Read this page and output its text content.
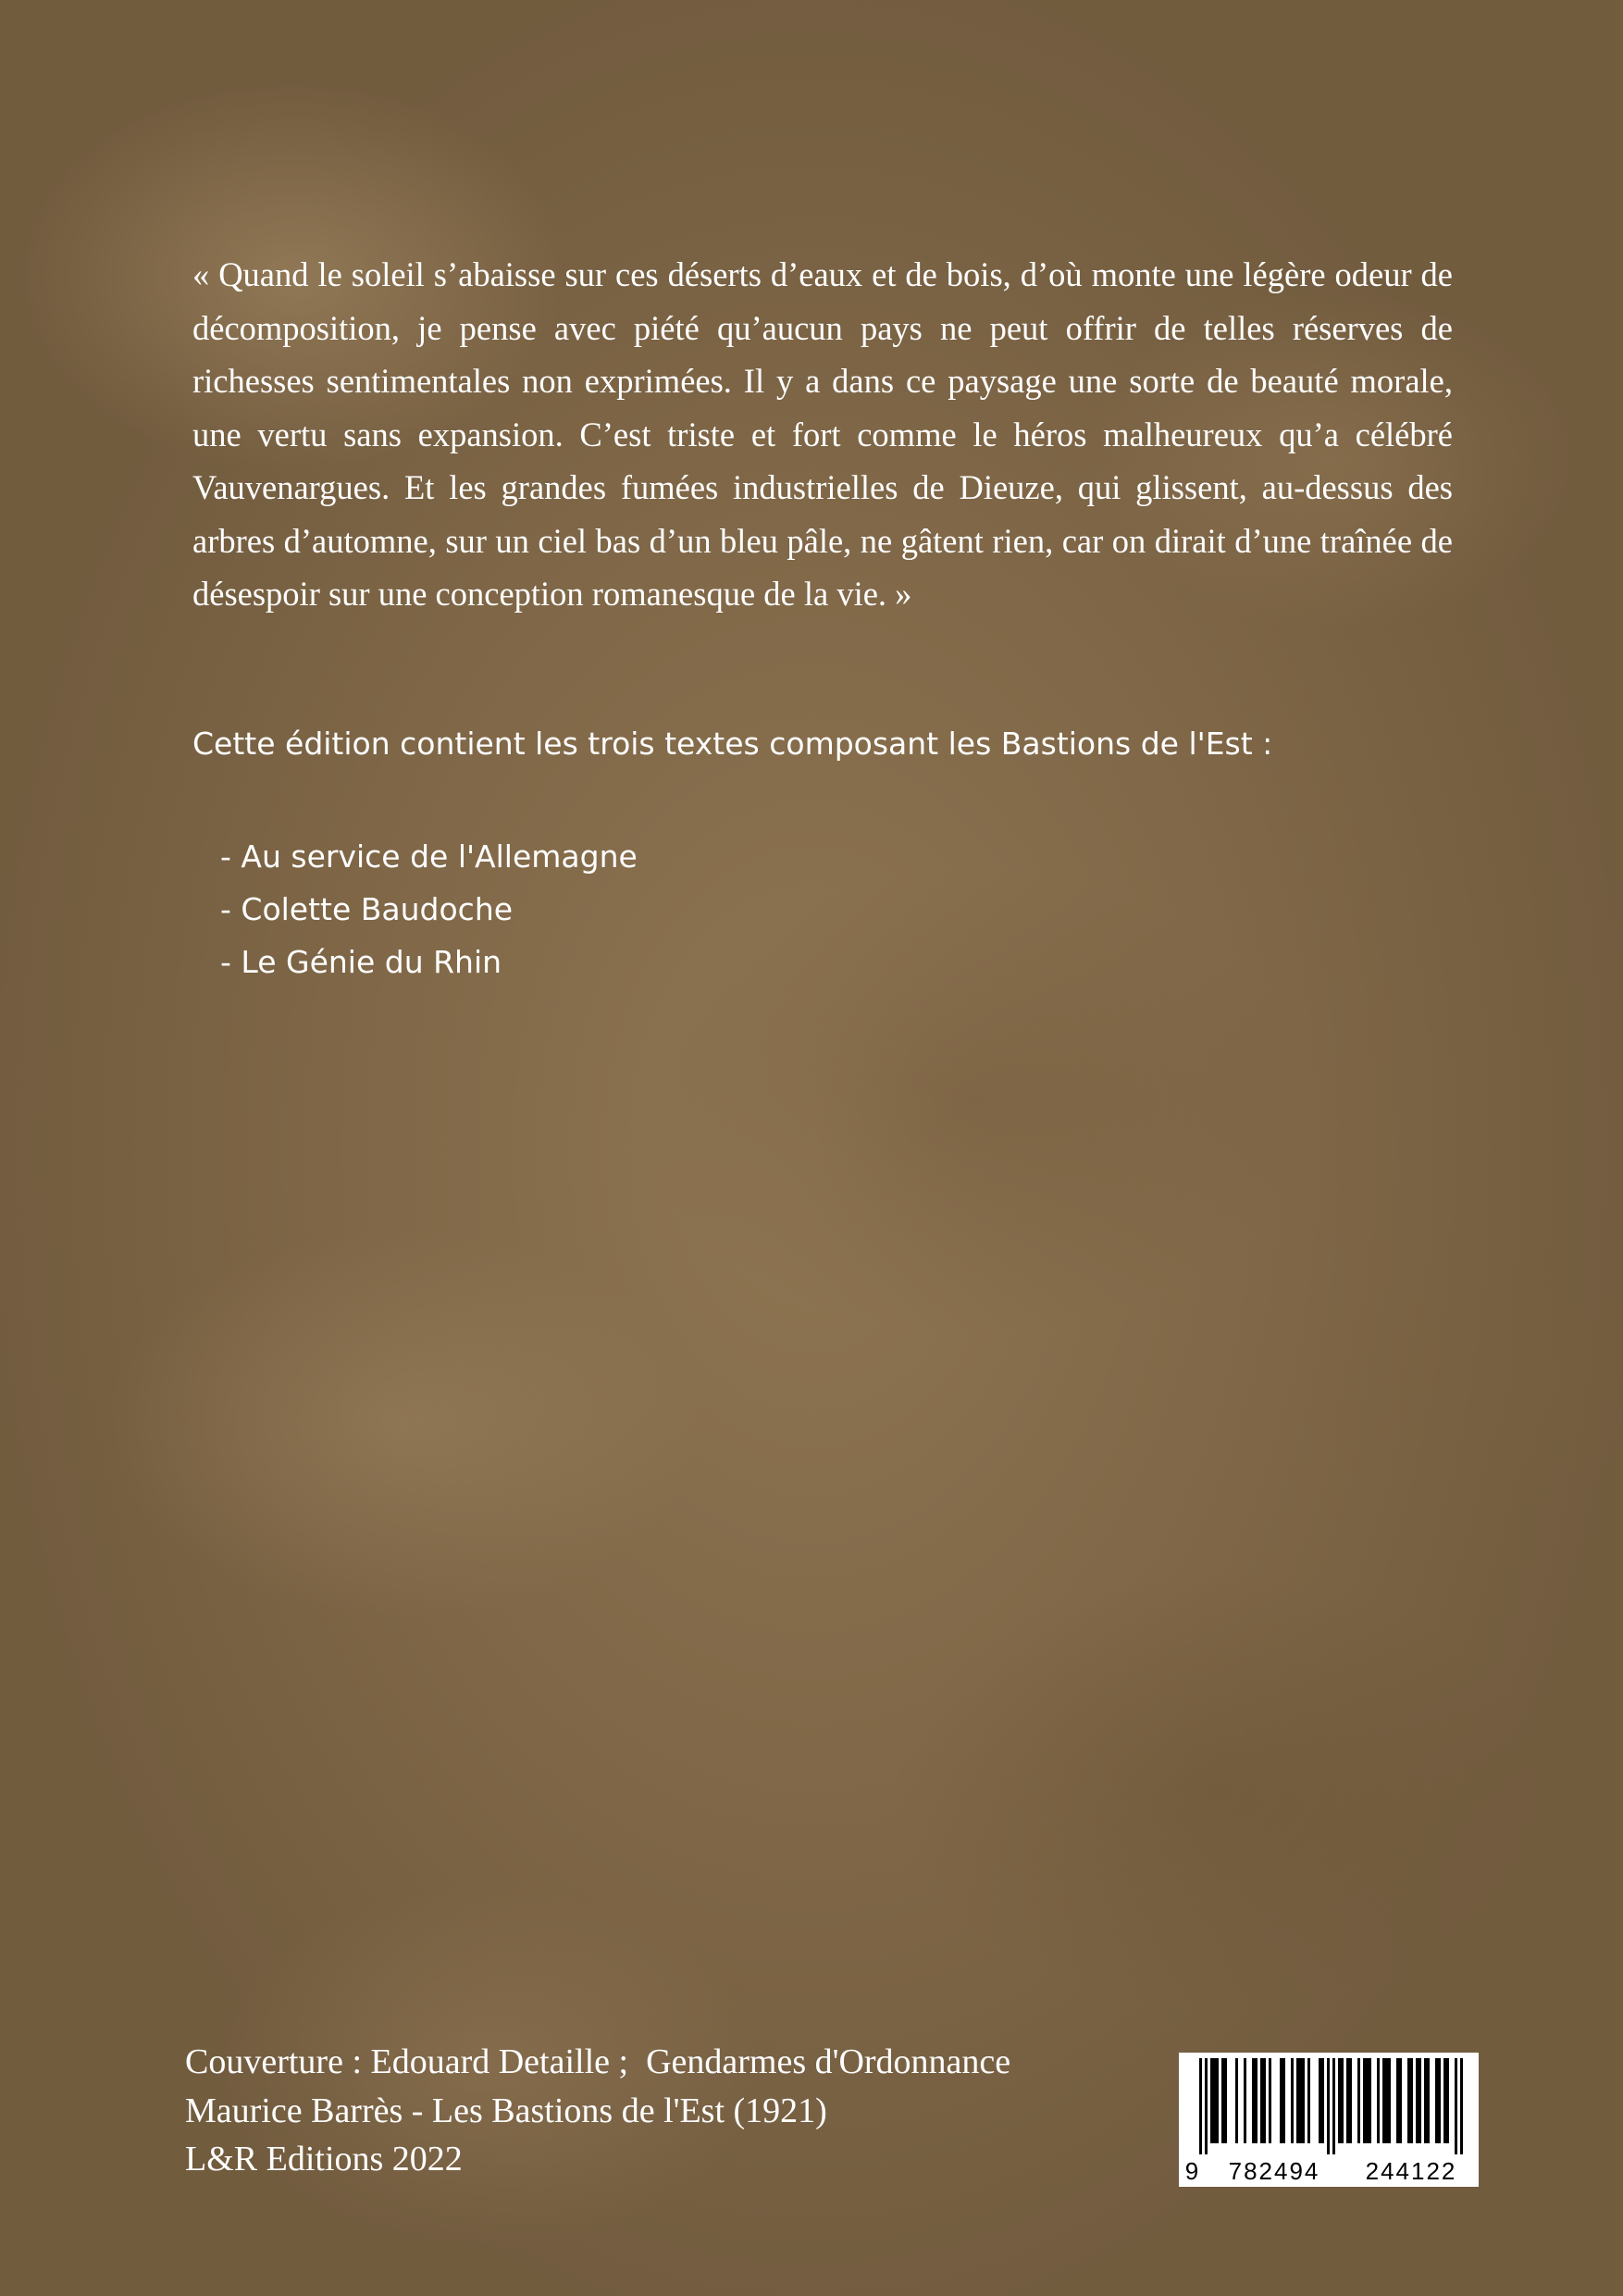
« Quand le soleil s’abaisse sur ces déserts d’eaux et de bois, d’où monte une légère odeur de décomposition, je pense avec piété qu’aucun pays ne peut offrir de telles réserves de richesses sentimentales non exprimées. Il y a dans ce paysage une sorte de beauté morale, une vertu sans expansion. C’est triste et fort comme le héros malheureux qu’a célébré Vauvenargues. Et les grandes fumées industrielles de Dieuze, qui glissent, au-dessus des arbres d’automne, sur un ciel bas d’un bleu pâle, ne gâtent rien, car on dirait d’une traînée de désespoir sur une conception romanesque de la vie. »

Cette édition contient les trois textes composant les Bastions de l'Est :

- Au service de l'Allemagne
- Colette Baudoche
- Le Génie du Rhin
Couverture : Edouard Detaille ;  Gendarmes d'Ordonnance
Maurice Barrès - Les Bastions de l'Est (1921)
L&R Editions 2022	9	782494	244122
